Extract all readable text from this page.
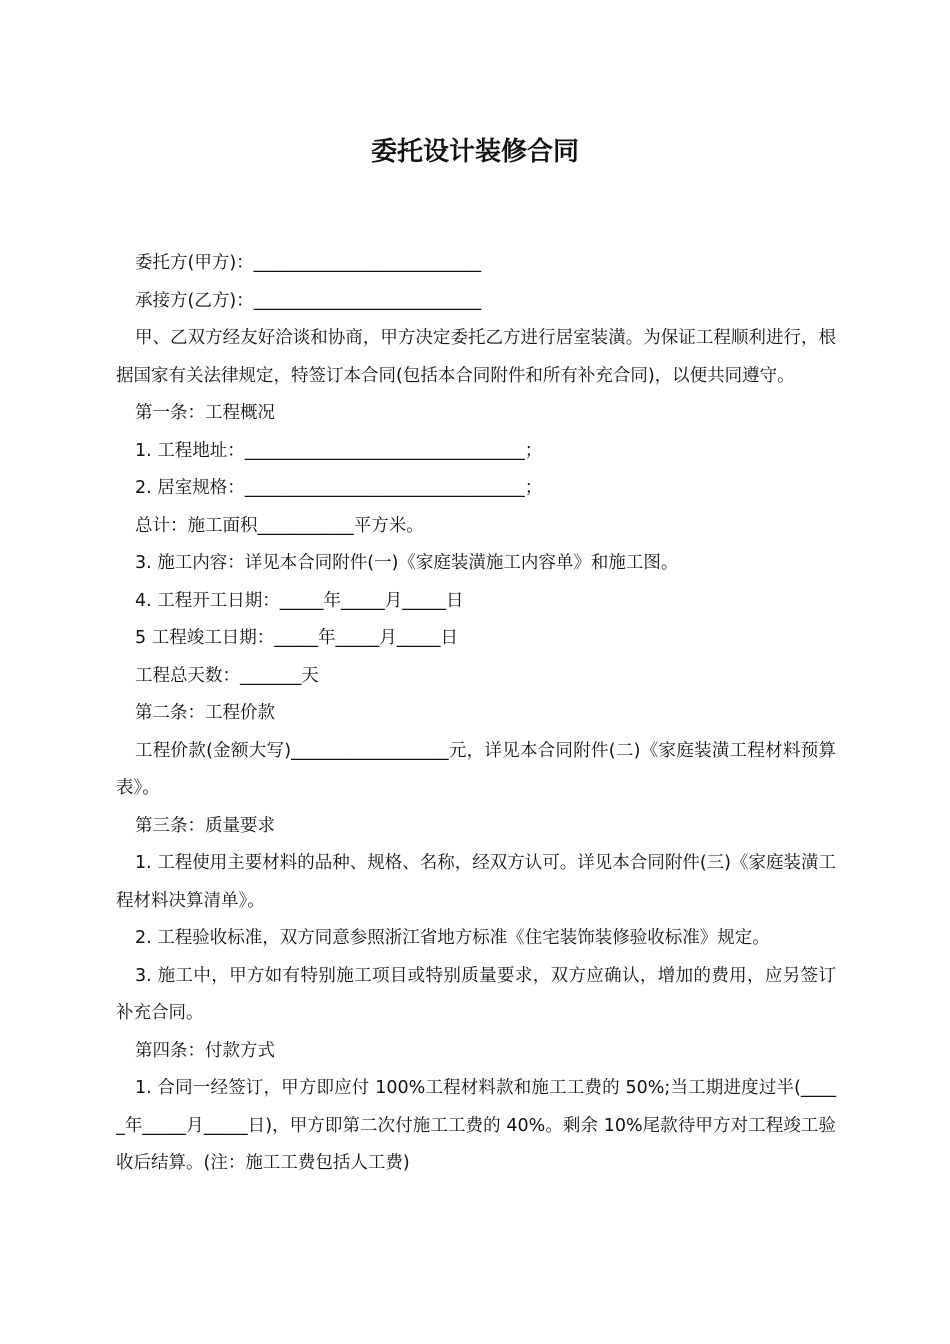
委托设计装修合同

委托方(甲方)：__________________________

承接方(乙方)：__________________________

甲、乙双方经友好洽谈和协商，甲方决定委托乙方进行居室装潢。为保证工程顺利进行，根据国家有关法律规定，特签订本合同(包括本合同附件和所有补充合同)，以便共同遵守。

第一条：工程概况

1. 工程地址：________________________________；

2. 居室规格：________________________________；

总计：施工面积___________平方米。

3. 施工内容：详见本合同附件(一)《家庭装潢施工内容单》和施工图。

4. 工程开工日期：_____年_____月_____日

5 工程竣工日期：_____年_____月_____日

工程总天数：_______天

第二条：工程价款

工程价款(金额大写)__________________元，详见本合同附件(二)《家庭装潢工程材料预算表》。

第三条：质量要求

1. 工程使用主要材料的品种、规格、名称，经双方认可。详见本合同附件(三)《家庭装潢工程材料决算清单》。

2. 工程验收标准，双方同意参照浙江省地方标准《住宅装饰装修验收标准》规定。

3. 施工中，甲方如有特别施工项目或特别质量要求，双方应确认，增加的费用，应另签订补充合同。

第四条：付款方式

1. 合同一经签订，甲方即应付 100%工程材料款和施工工费的 50%;当工期进度过半(_____年_____月_____日)，甲方即第二次付施工工费的 40%。剩余 10%尾款待甲方对工程竣工验收后结算。(注：施工工费包括人工费)
